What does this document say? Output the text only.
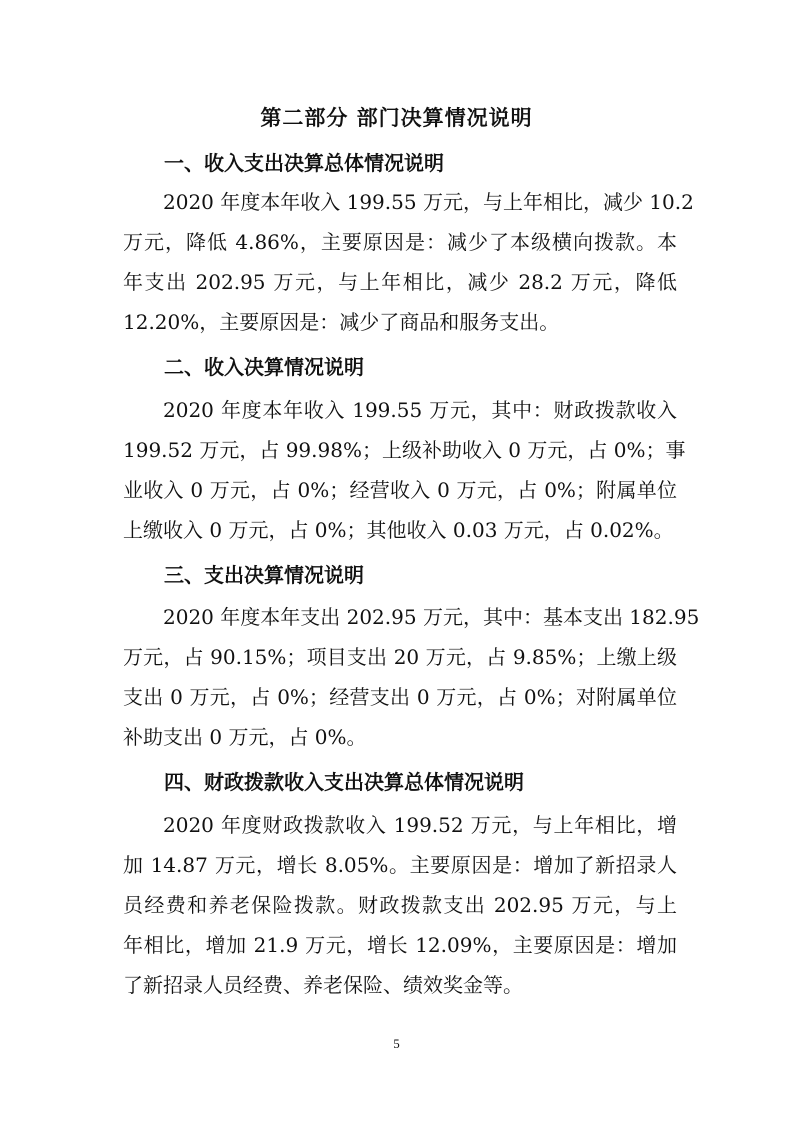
第二部分 部门决算情况说明
一、收入支出决算总体情况说明
2020 年度本年收入 199.55 万元，与上年相比，减少 10.2
万元，降低 4.86%，主要原因是：减少了本级横向拨款。本
年支出 202.95 万元，与上年相比，减少 28.2 万元，降低
12.20%，主要原因是：减少了商品和服务支出。
二、收入决算情况说明
2020 年度本年收入 199.55 万元，其中：财政拨款收入
199.52 万元，占 99.98%；上级补助收入 0 万元，占 0%；事
业收入 0 万元，占 0%；经营收入 0 万元，占 0%；附属单位
上缴收入 0 万元，占 0%；其他收入 0.03 万元，占 0.02%。
三、支出决算情况说明
2020 年度本年支出 202.95 万元，其中：基本支出 182.95
万元，占 90.15%；项目支出 20 万元，占 9.85%；上缴上级
支出 0 万元，占 0%；经营支出 0 万元，占 0%；对附属单位
补助支出 0 万元，占 0%。
四、财政拨款收入支出决算总体情况说明
2020 年度财政拨款收入 199.52 万元，与上年相比，增
加 14.87 万元，增长 8.05%。主要原因是：增加了新招录人
员经费和养老保险拨款。财政拨款支出 202.95 万元，与上
年相比，增加 21.9 万元，增长 12.09%，主要原因是：增加
了新招录人员经费、养老保险、绩效奖金等。

5
